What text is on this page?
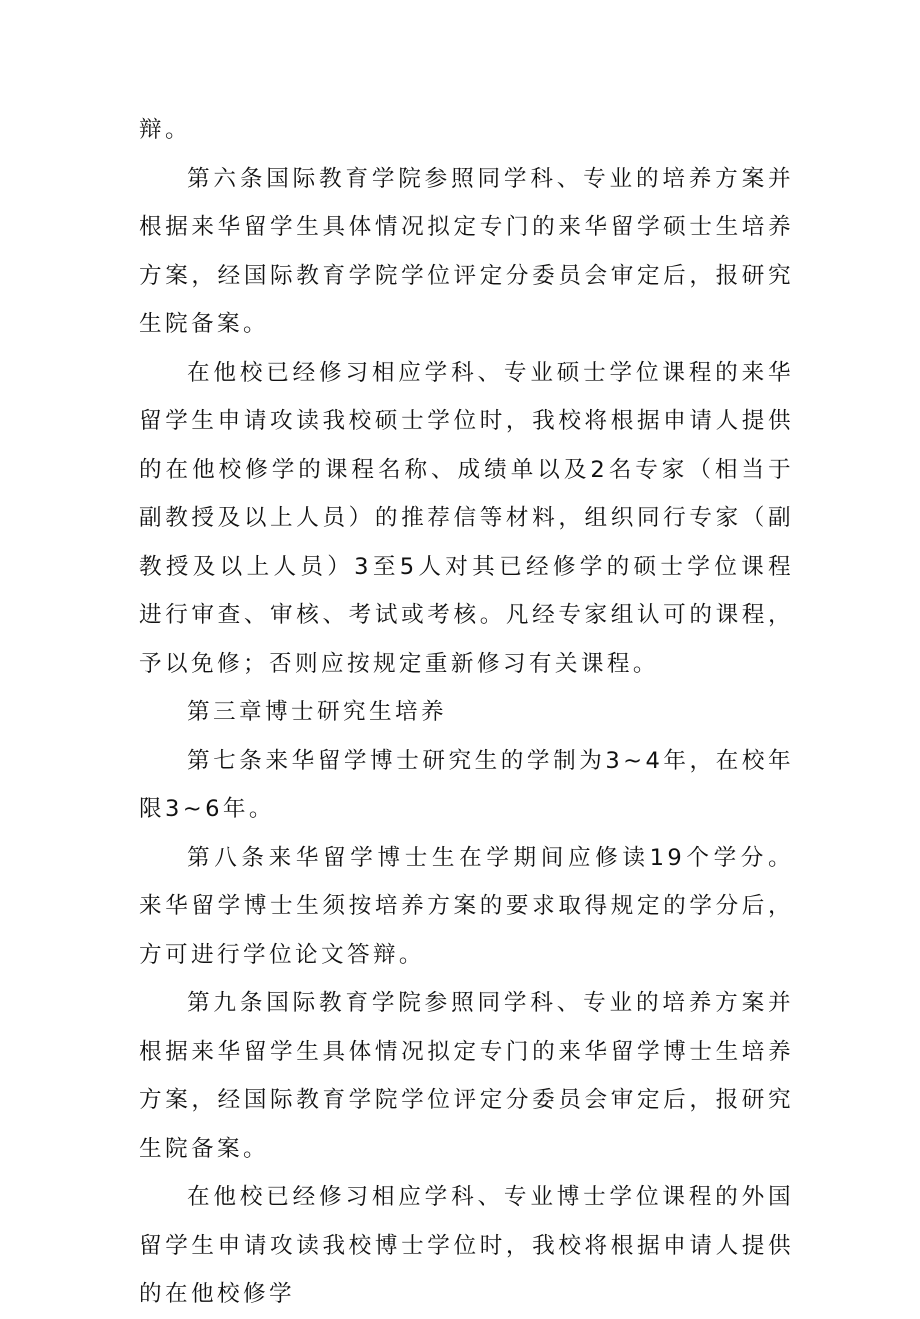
辩。

第六条国际教育学院参照同学科、专业的培养方案并根据来华留学生具体情况拟定专门的来华留学硕士生培养方案，经国际教育学院学位评定分委员会审定后，报研究生院备案。

在他校已经修习相应学科、专业硕士学位课程的来华留学生申请攻读我校硕士学位时，我校将根据申请人提供的在他校修学的课程名称、成绩单以及2名专家（相当于副教授及以上人员）的推荐信等材料，组织同行专家（副教授及以上人员）3至5人对其已经修学的硕士学位课程进行审查、审核、考试或考核。凡经专家组认可的课程，予以免修；否则应按规定重新修习有关课程。

第三章博士研究生培养

第七条来华留学博士研究生的学制为3~4年，在校年限3~6年。

第八条来华留学博士生在学期间应修读19个学分。来华留学博士生须按培养方案的要求取得规定的学分后，方可进行学位论文答辩。

第九条国际教育学院参照同学科、专业的培养方案并根据来华留学生具体情况拟定专门的来华留学博士生培养方案，经国际教育学院学位评定分委员会审定后，报研究生院备案。

在他校已经修习相应学科、专业博士学位课程的外国留学生申请攻读我校博士学位时，我校将根据申请人提供的在他校修学
